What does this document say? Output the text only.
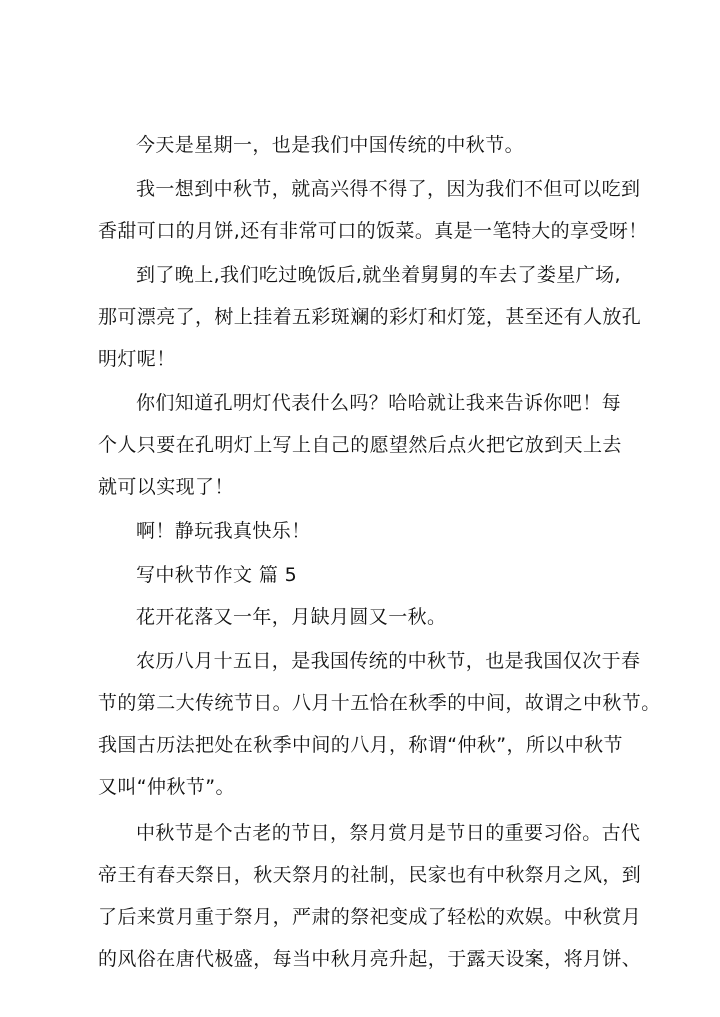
今天是星期一，也是我们中国传统的中秋节。
我一想到中秋节，就高兴得不得了，因为我们不但可以吃到
香甜可口的月饼,还有非常可口的饭菜。真是一笔特大的享受呀！
到了晚上,我们吃过晚饭后,就坐着舅舅的车去了娄星广场,
那可漂亮了，树上挂着五彩斑斓的彩灯和灯笼，甚至还有人放孔
明灯呢！
你们知道孔明灯代表什么吗？哈哈就让我来告诉你吧！每
个人只要在孔明灯上写上自己的愿望然后点火把它放到天上去
就可以实现了！
啊！静玩我真快乐！
写中秋节作文 篇 5
花开花落又一年，月缺月圆又一秋。
农历八月十五日，是我国传统的中秋节，也是我国仅次于春
节的第二大传统节日。八月十五恰在秋季的中间，故谓之中秋节。
我国古历法把处在秋季中间的八月，称谓“仲秋”，所以中秋节
又叫“仲秋节”。
中秋节是个古老的节日，祭月赏月是节日的重要习俗。古代
帝王有春天祭日，秋天祭月的社制，民家也有中秋祭月之风，到
了后来赏月重于祭月，严肃的祭祀变成了轻松的欢娱。中秋赏月
的风俗在唐代极盛，每当中秋月亮升起，于露天设案，将月饼、
